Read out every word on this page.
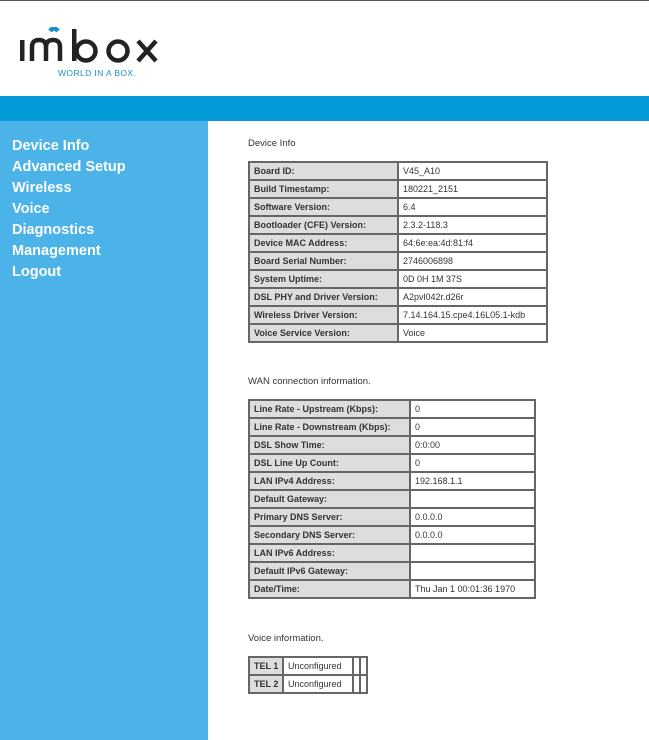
WORLD IN A BOX.
Device Info
Advanced Setup
Wireless
Voice
Diagnostics
Management
Logout
Device Info
Board ID:	V45_A10
Build Timestamp:	180221_2151
Software Version:	6.4
Bootloader (CFE) Version:	2.3.2-118.3
Device MAC Address:	64:6e:ea:4d:81:f4
Board Serial Number:	2746006898
System Uptime:	0D 0H 1M 37S
DSL PHY and Driver Version:	A2pvl042r.d26r
Wireless Driver Version:	7.14.164.15.cpe4.16L05.1-kdb
Voice Service Version:	Voice
WAN connection information.
Line Rate - Upstream (Kbps):	0
Line Rate - Downstream (Kbps):	0
DSL Show Time:	0:0:00
DSL Line Up Count:	0
LAN IPv4 Address:	192.168.1.1
Default Gateway:	
Primary DNS Server:	0.0.0.0
Secondary DNS Server:	0.0.0.0
LAN IPv6 Address:	
Default IPv6 Gateway:	
Date/Time:	Thu Jan 1 00:01:36 1970
Voice information.
TEL 1	Unconfigured		
TEL 2	Unconfigured		
